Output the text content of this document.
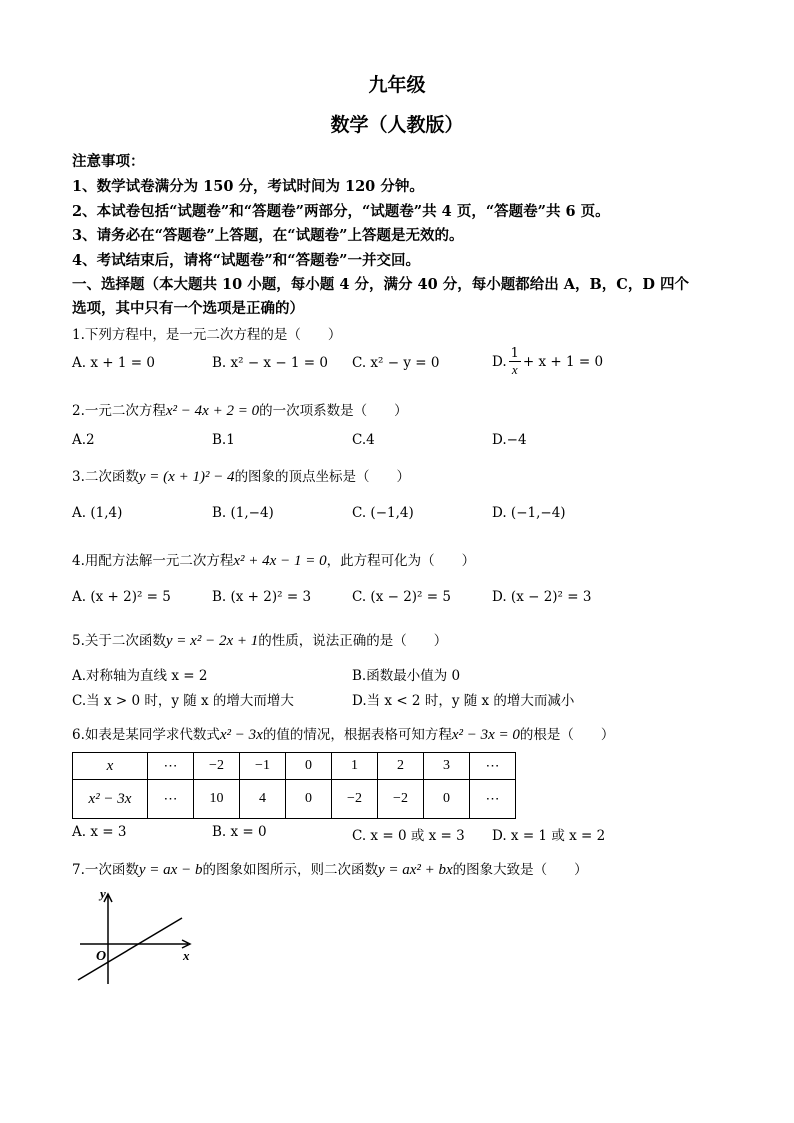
九年级
数学（人教版）
注意事项：
1、数学试卷满分为 150 分，考试时间为 120 分钟。
2、本试卷包括“试题卷”和“答题卷”两部分，“试题卷”共 4 页，“答题卷”共 6 页。
3、请务必在“答题卷”上答题，在“试题卷”上答题是无效的。
4、考试结束后，请将“试题卷”和“答题卷”一并交回。
一、选择题（本大题共 10 小题，每小题 4 分，满分 40 分，每小题都给出 A，B，C，D 四个
选项，其中只有一个选项是正确的）
1.下列方程中，是一元二次方程的是（　　）
A. x + 1 = 0	B. x² − x − 1 = 0 C. x² − y = 0	D. $\frac{1}{x} + x + 1 = 0$
2.一元二次方程x² − 4x + 2 = 0的一次项系数是（　　）
A.2	B.1	C.4	D.−4
3.二次函数y = (x + 1)² − 4的图象的顶点坐标是（　　）
A. (1,4)	B. (1,−4)	C. (−1,4)	D. (−1,−4)
4.用配方法解一元二次方程x² + 4x − 1 = 0，此方程可化为（　　）
A. (x + 2)² = 5	B. (x + 2)² = 3	C. (x − 2)² = 5	D. (x − 2)² = 3
5.关于二次函数y = x² − 2x + 1的性质，说法正确的是（　　）
A.对称轴为直线 x = 2	B.函数最小值为 0
C.当 x > 0 时，y 随 x 的增大而增大	D.当 x < 2 时，y 随 x 的增大而减小
6.如表是某同学求代数式x² − 3x的值的情况，根据表格可知方程x² − 3x = 0的根是（　　）
x	⋯	−2	−1	0	1	2	3	⋯
x² − 3x	⋯	10	4	0	−2	−2	0	⋯
A. x = 3	B. x = 0	C. x = 0 或 x = 3 D. x = 1 或 x = 2
7.一次函数y = ax − b的图象如图所示，则二次函数y = ax² + bx的图象大致是（　　）
y
x
O
